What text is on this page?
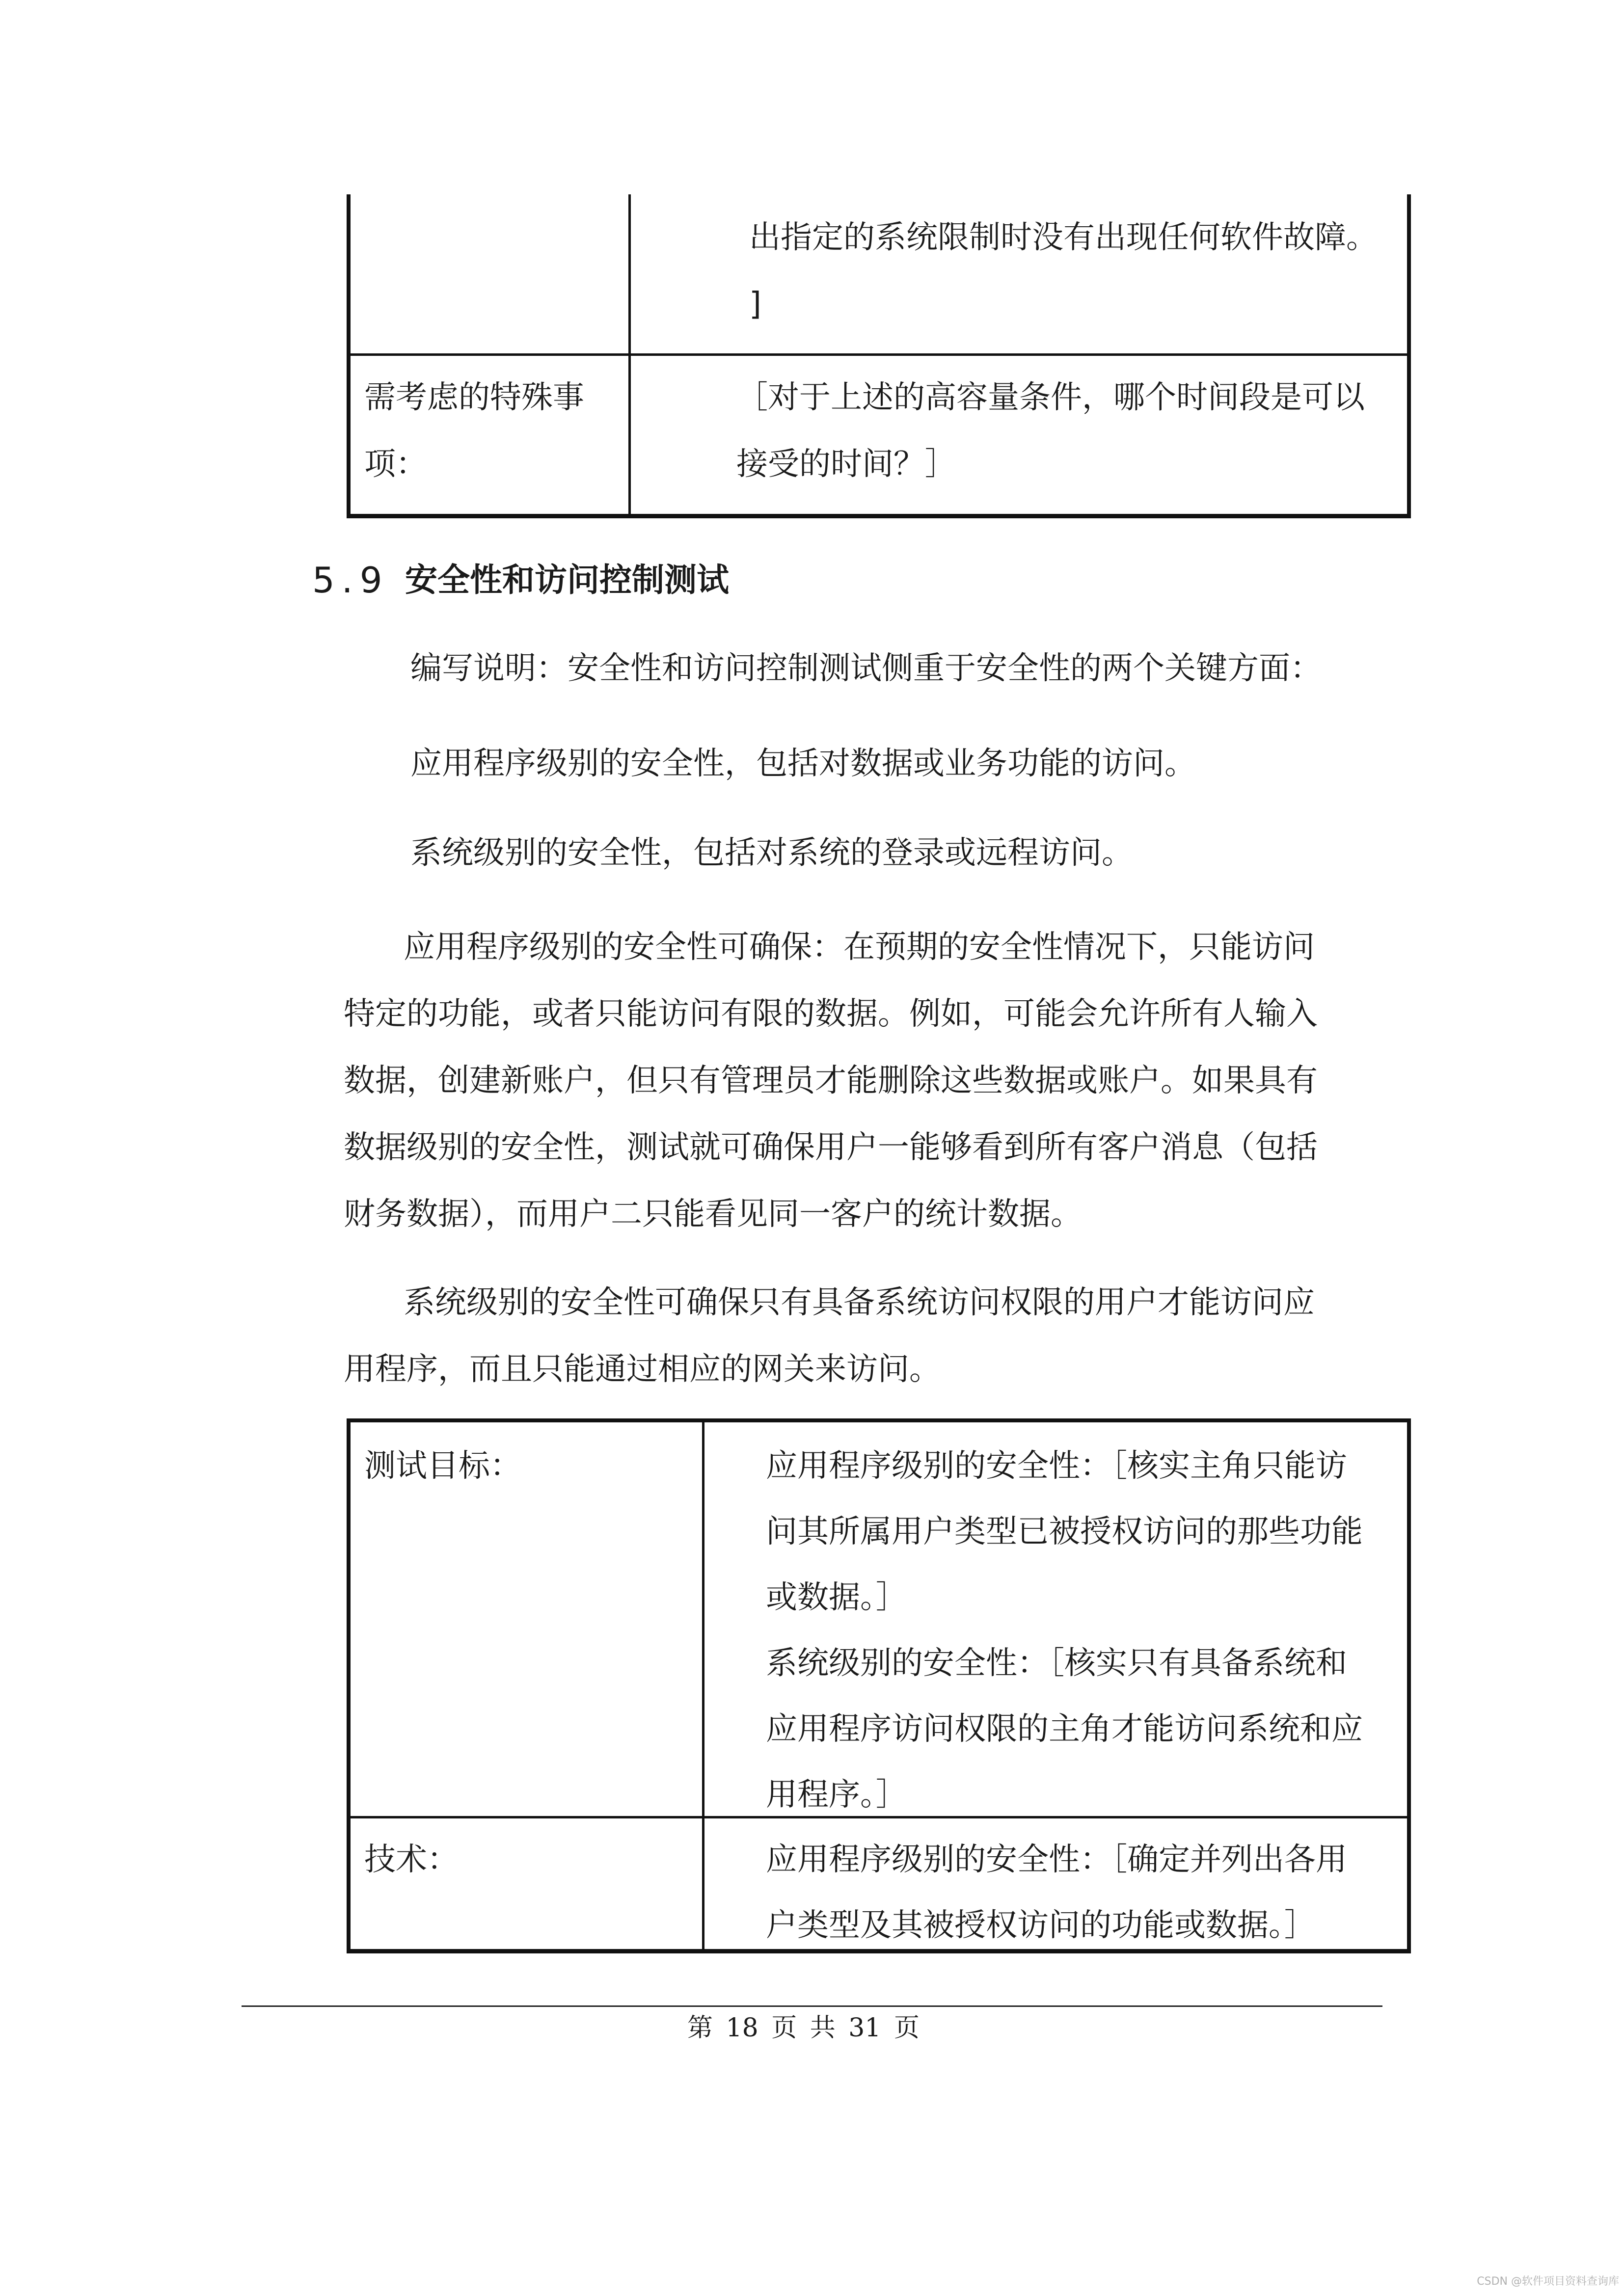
出指定的系统限制时没有出现任何软件故障。
]
需考虑的特殊事
项：
［对于上述的高容量条件，哪个时间段是可以
接受的时间？］
5.9 安全性和访问控制测试
编写说明：安全性和访问控制测试侧重于安全性的两个关键方面：
应用程序级别的安全性，包括对数据或业务功能的访问。
系统级别的安全性，包括对系统的登录或远程访问。
应用程序级别的安全性可确保：在预期的安全性情况下，只能访问
特定的功能，或者只能访问有限的数据。例如，可能会允许所有人输入
数据，创建新账户，但只有管理员才能删除这些数据或账户。如果具有
数据级别的安全性，测试就可确保用户一能够看到所有客户消息（包括
财务数据），而用户二只能看见同一客户的统计数据。
系统级别的安全性可确保只有具备系统访问权限的用户才能访问应
用程序，而且只能通过相应的网关来访问。
测试目标：	应用程序级别的安全性：［核实主角只能访
问其所属用户类型已被授权访问的那些功能
或数据。］
系统级别的安全性：［核实只有具备系统和
应用程序访问权限的主角才能访问系统和应
用程序。］
技术：	应用程序级别的安全性：［确定并列出各用
户类型及其被授权访问的功能或数据。］
第 18 页 共 31 页
CSDN @软件项目资料查询库
